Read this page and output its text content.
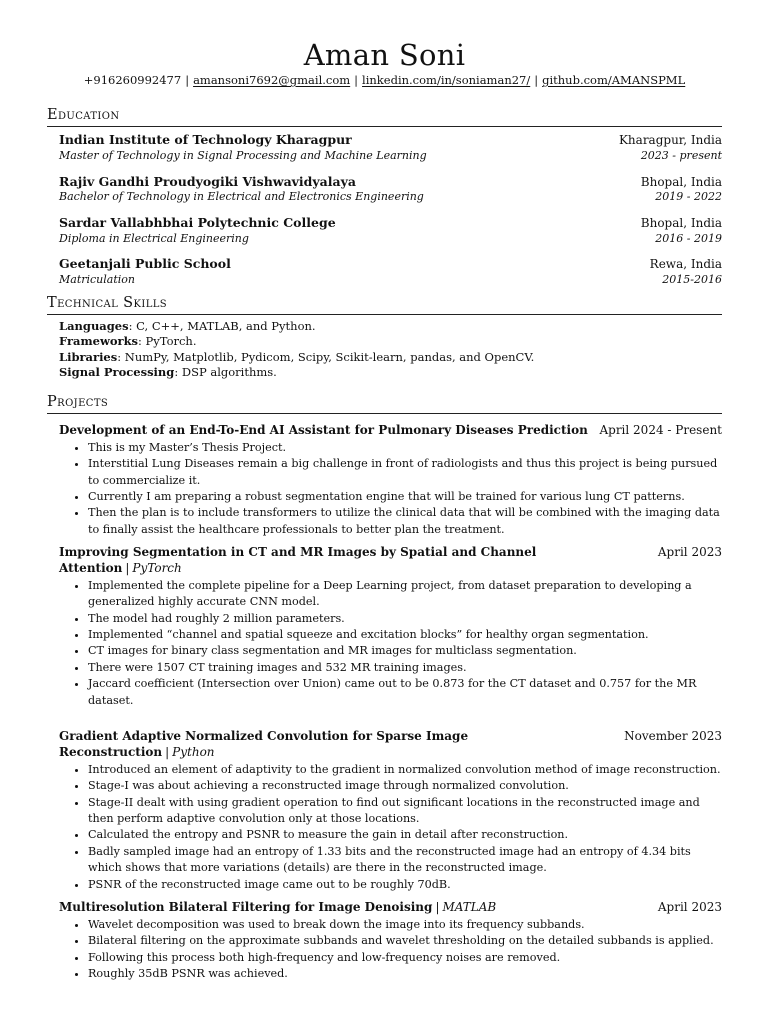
Aman Soni
+916260992477 | amansoni7692@gmail.com | linkedin.com/in/soniaman27/ | github.com/AMANSPML
Education
Indian Institute of Technology Kharagpur	Kharagpur, India
Master of Technology in Signal Processing and Machine Learning	2023 - present
Rajiv Gandhi Proudyogiki Vishwavidyalaya	Bhopal, India
Bachelor of Technology in Electrical and Electronics Engineering	2019 - 2022
Sardar Vallabhbhai Polytechnic College	Bhopal, India
Diploma in Electrical Engineering	2016 - 2019
Geetanjali Public School	Rewa, India
Matriculation	2015-2016
Technical Skills
Languages: C, C++, MATLAB, and Python.
Frameworks: PyTorch.
Libraries: NumPy, Matplotlib, Pydicom, Scipy, Scikit-learn, pandas, and OpenCV.
Signal Processing: DSP algorithms.
Projects
Development of an End-To-End AI Assistant for Pulmonary Diseases Prediction April 2024 - Present
• This is my Master’s Thesis Project.
• Interstitial Lung Diseases remain a big challenge in front of radiologists and thus this project is being pursued to commercialize it.
• Currently I am preparing a robust segmentation engine that will be trained for various lung CT patterns.
• Then the plan is to include transformers to utilize the clinical data that will be combined with the imaging data to finally assist the healthcare professionals to better plan the treatment.
Improving Segmentation in CT and MR Images by Spatial and Channel Attention | PyTorch
April 2023
• Implemented the complete pipeline for a Deep Learning project, from dataset preparation to developing a generalized highly accurate CNN model.
• The model had roughly 2 million parameters.
• Implemented “channel and spatial squeeze and excitation blocks” for healthy organ segmentation.
• CT images for binary class segmentation and MR images for multiclass segmentation.
• There were 1507 CT training images and 532 MR training images.
• Jaccard coefficient (Intersection over Union) came out to be 0.873 for the CT dataset and 0.757 for the MR dataset.
Gradient Adaptive Normalized Convolution for Sparse Image Reconstruction | Python
November 2023
• Introduced an element of adaptivity to the gradient in normalized convolution method of image reconstruction.
• Stage-I was about achieving a reconstructed image through normalized convolution.
• Stage-II dealt with using gradient operation to find out significant locations in the reconstructed image and then perform adaptive convolution only at those locations.
• Calculated the entropy and PSNR to measure the gain in detail after reconstruction.
• Badly sampled image had an entropy of 1.33 bits and the reconstructed image had an entropy of 4.34 bits which shows that more variations (details) are there in the reconstructed image.
• PSNR of the reconstructed image came out to be roughly 70dB.
Multiresolution Bilateral Filtering for Image Denoising | MATLAB	April 2023
• Wavelet decomposition was used to break down the image into its frequency subbands.
• Bilateral filtering on the approximate subbands and wavelet thresholding on the detailed subbands is applied.
• Following this process both high-frequency and low-frequency noises are removed.
• Roughly 35dB PSNR was achieved.
